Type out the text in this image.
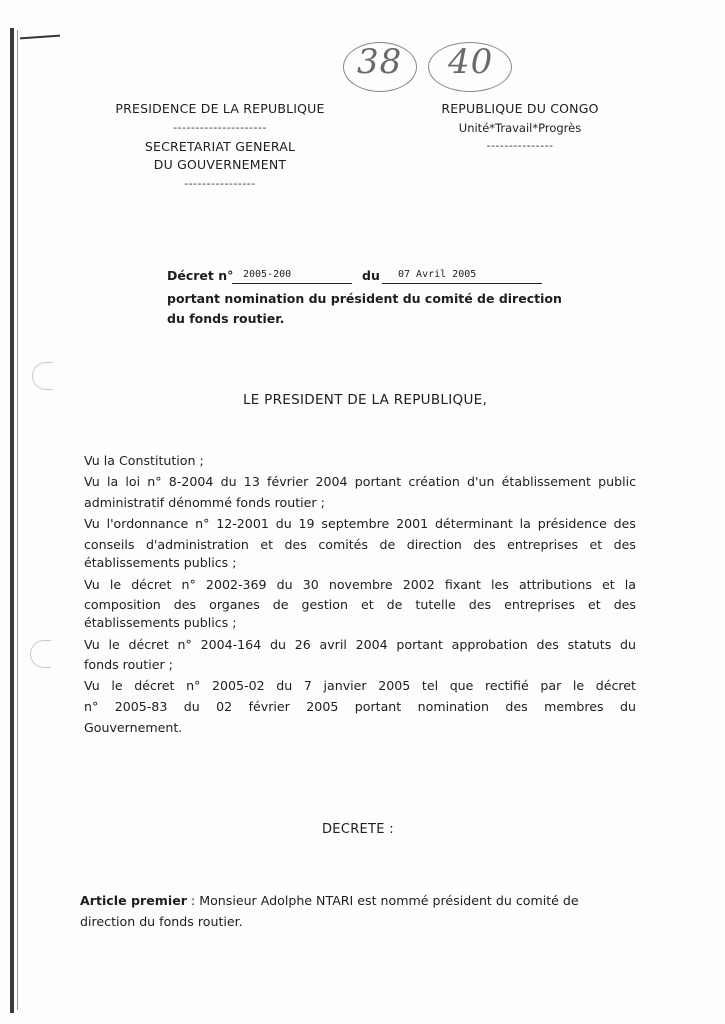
38 40
PRESIDENCE DE LA REPUBLIQUE
---------------------
SECRETARIAT GENERAL
DU GOUVERNEMENT
----------------
REPUBLIQUE DU CONGO
Unité*Travail*Progrès
---------------
Décret n° 2005-200	du 07 Avril 2005
portant nomination du président du comité de direction
du fonds routier.
LE PRESIDENT DE LA REPUBLIQUE,
Vu la Constitution ;
Vu la loi n° 8-2004 du 13 février 2004 portant création d'un établissement public
administratif dénommé fonds routier ;
Vu l'ordonnance n° 12-2001 du 19 septembre 2001 déterminant la présidence des
conseils d'administration et des comités de direction des entreprises et des
établissements publics ;
Vu le décret n° 2002-369 du 30 novembre 2002 fixant les attributions et la
composition des organes de gestion et de tutelle des entreprises et des
établissements publics ;
Vu le décret n° 2004-164 du 26 avril 2004 portant approbation des statuts du
fonds routier ;
Vu le décret n° 2005-02 du 7 janvier 2005 tel que rectifié par le décret
n° 2005-83 du 02 février 2005 portant nomination des membres du
Gouvernement.
DECRETE :
Article premier : Monsieur Adolphe NTARI est nommé président du comité de
direction du fonds routier.
